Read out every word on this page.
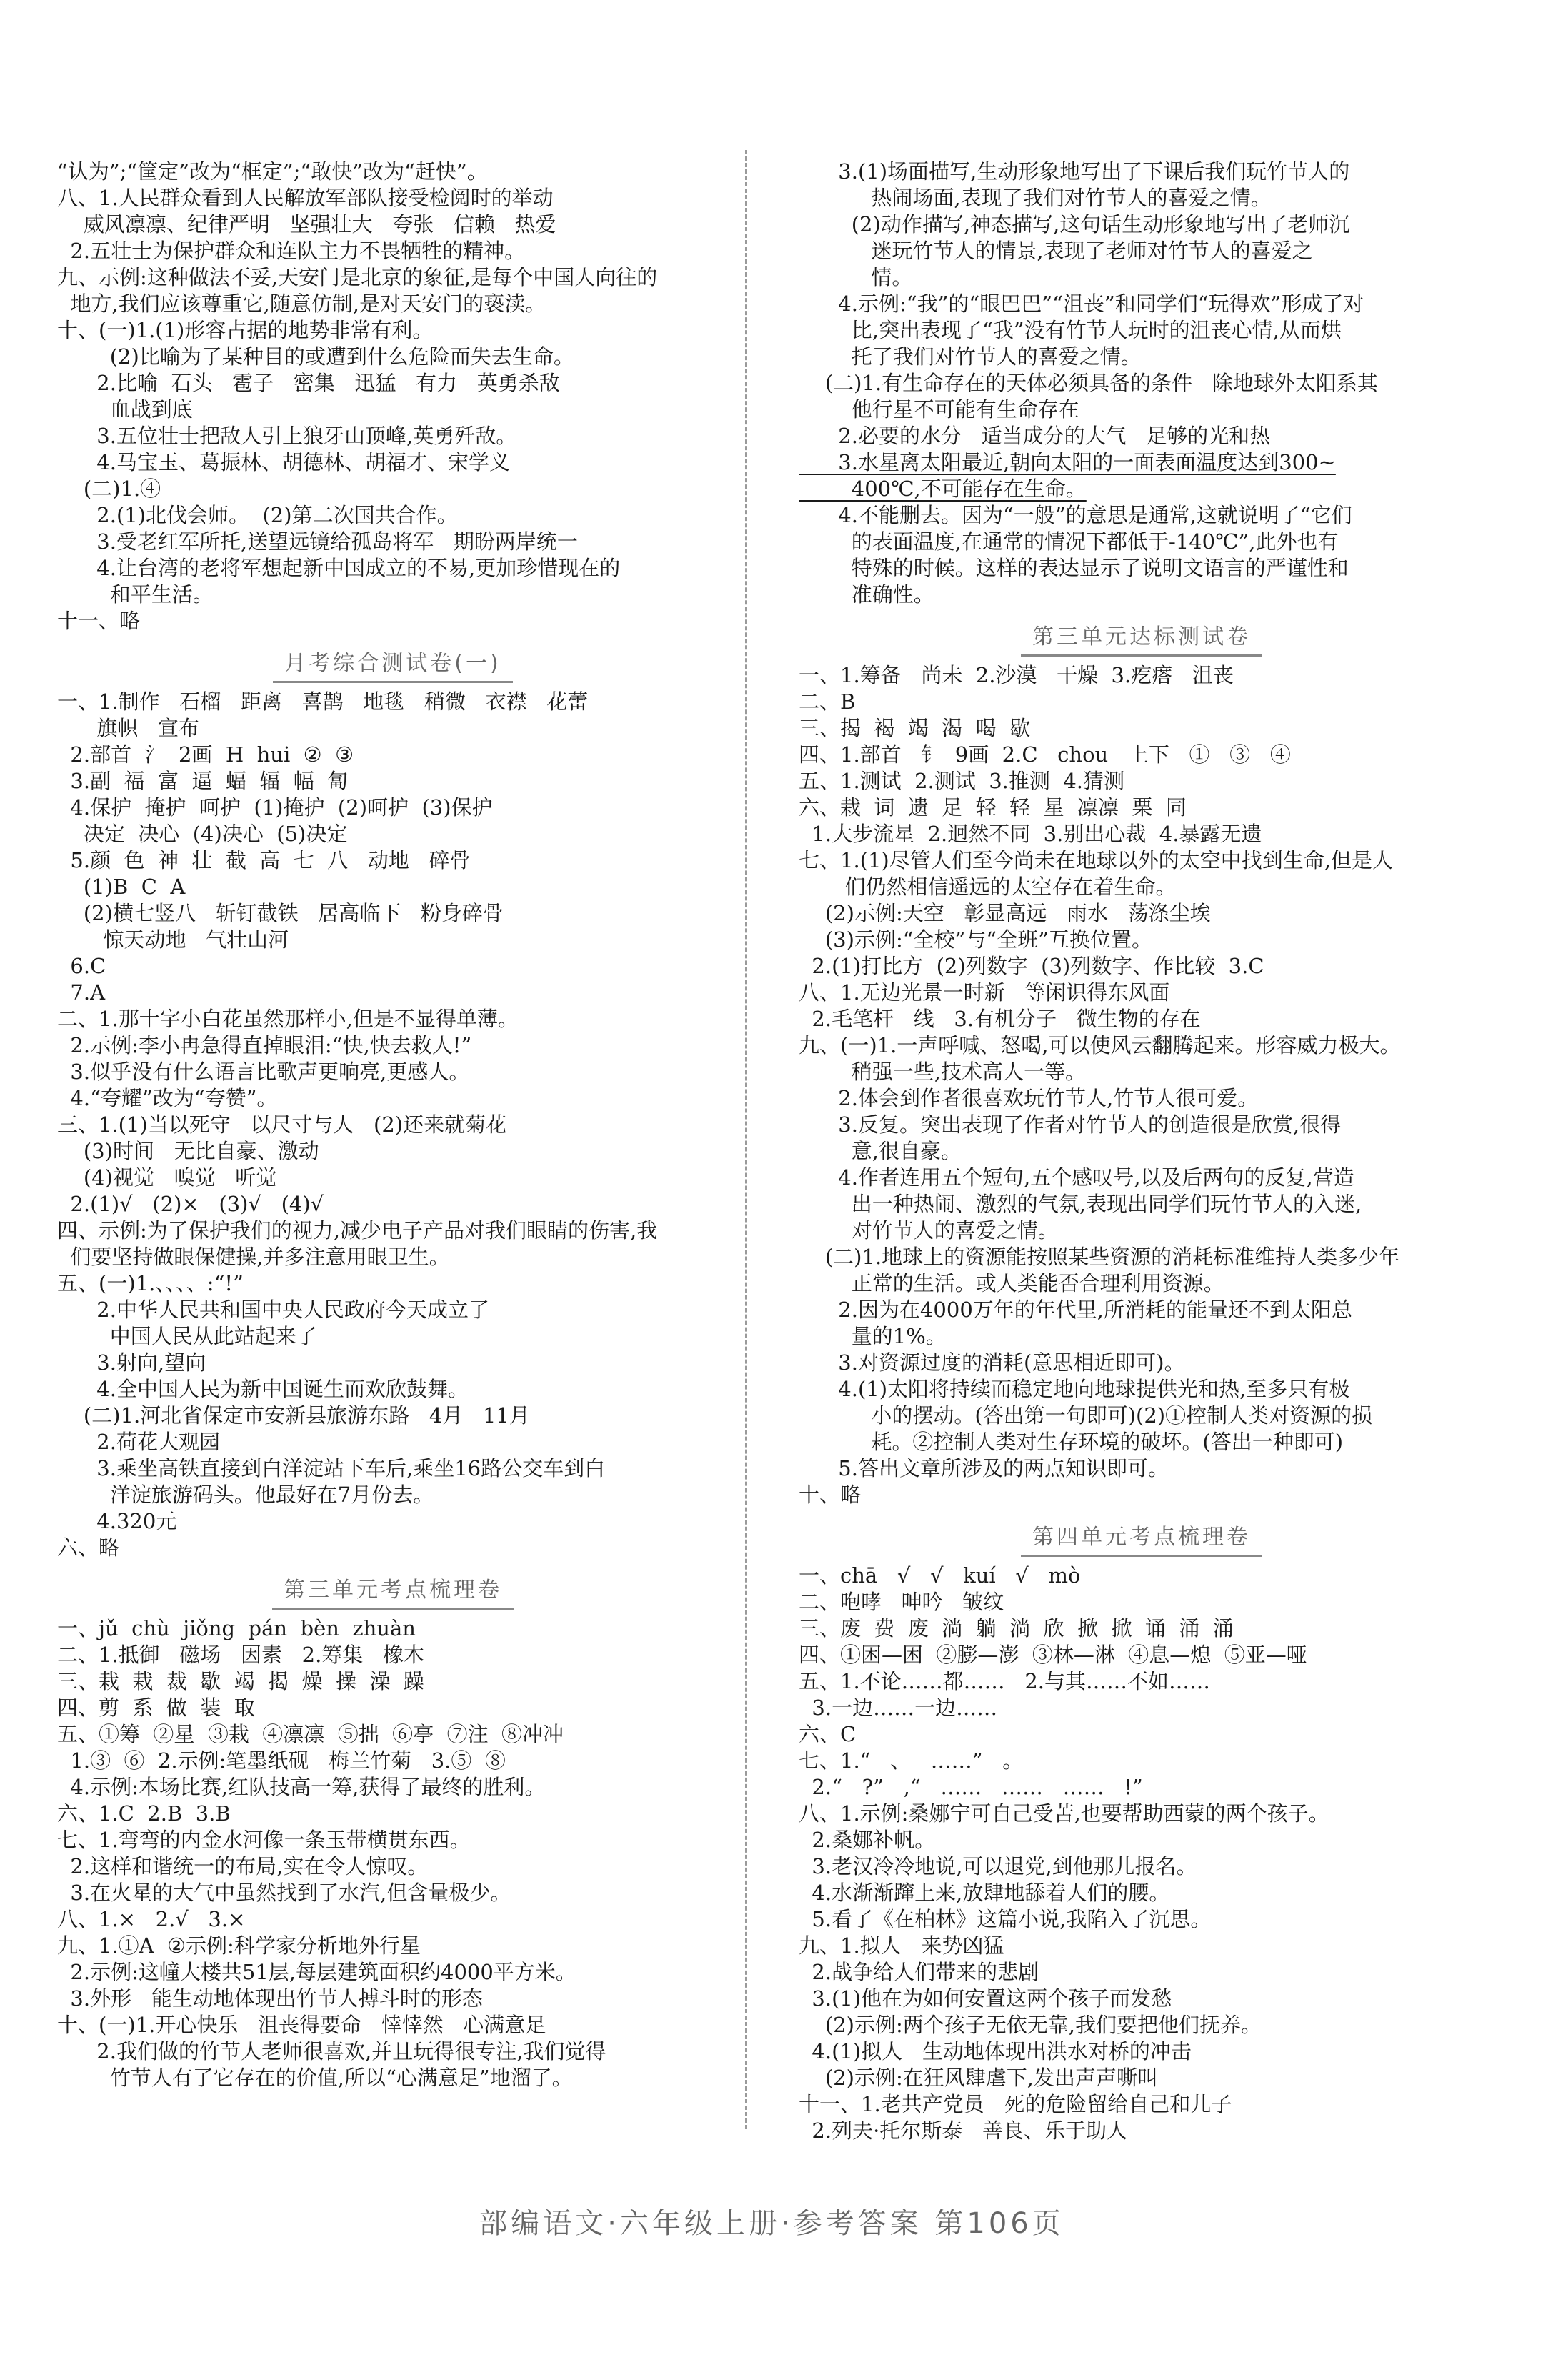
“认为”;“筐定”改为“框定”;“敢快”改为“赶快”。
八、1.人民群众看到人民解放军部队接受检阅时的举动
威风凛凛、纪律严明   坚强壮大   夸张   信赖   热爱
2.五壮士为保护群众和连队主力不畏牺牲的精神。
九、示例:这种做法不妥,天安门是北京的象征,是每个中国人向往的
地方,我们应该尊重它,随意仿制,是对天安门的亵渎。
十、(一)1.(1)形容占据的地势非常有利。
(2)比喻为了某种目的或遭到什么危险而失去生命。
2.比喻  石头   雹子   密集   迅猛   有力   英勇杀敌
血战到底
3.五位壮士把敌人引上狼牙山顶峰,英勇歼敌。
4.马宝玉、葛振林、胡德林、胡福才、宋学义
(二)1.④
2.(1)北伐会师。  (2)第二次国共合作。
3.受老红军所托,送望远镜给孤岛将军   期盼两岸统一
4.让台湾的老将军想起新中国成立的不易,更加珍惜现在的
和平生活。
十一、略
月考综合测试卷(一)
一、1.制作   石榴   距离   喜鹊   地毯   稍微   衣襟   花蕾
旗帜   宣布
2.部首  氵  2画  H  hui  ②  ③
3.副  福  富  逼  蝠  辐  幅  匐
4.保护  掩护  呵护  (1)掩护  (2)呵护  (3)保护
决定  决心  (4)决心  (5)决定
5.颜  色  神  壮  截  高  七  八   动地   碎骨
(1)B  C  A
(2)横七竖八   斩钉截铁   居高临下   粉身碎骨
惊天动地   气壮山河
6.C
7.A
二、1.那十字小白花虽然那样小,但是不显得单薄。
2.示例:李小冉急得直掉眼泪:“快,快去救人!”
3.似乎没有什么语言比歌声更响亮,更感人。
4.“夸耀”改为“夸赞”。
三、1.(1)当以死守   以尺寸与人   (2)还来就菊花
(3)时间   无比自豪、激动
(4)视觉   嗅觉   听觉
2.(1)√   (2)×   (3)√   (4)√
四、示例:为了保护我们的视力,减少电子产品对我们眼睛的伤害,我
们要坚持做眼保健操,并多注意用眼卫生。
五、(一)1.、、、、:“!”
2.中华人民共和国中央人民政府今天成立了
中国人民从此站起来了
3.射向,望向
4.全中国人民为新中国诞生而欢欣鼓舞。
(二)1.河北省保定市安新县旅游东路   4月   11月
2.荷花大观园
3.乘坐高铁直接到白洋淀站下车后,乘坐16路公交车到白
洋淀旅游码头。他最好在7月份去。
4.320元
六、略
第三单元考点梳理卷
一、jǔ  chù  jiǒng  pán  bèn  zhuàn
二、1.抵御   磁场   因素   2.筹集   橡木
三、栽  栽  裁  歇  竭  揭  燥  操  澡  躁
四、剪  系  做  装  取
五、①筹  ②星  ③栽  ④凛凛  ⑤拙  ⑥亭  ⑦注  ⑧冲冲
1.③  ⑥  2.示例:笔墨纸砚   梅兰竹菊   3.⑤  ⑧
4.示例:本场比赛,红队技高一筹,获得了最终的胜利。
六、1.C  2.B  3.B
七、1.弯弯的内金水河像一条玉带横贯东西。
2.这样和谐统一的布局,实在令人惊叹。
3.在火星的大气中虽然找到了水汽,但含量极少。
八、1.×   2.√   3.×
九、1.①A  ②示例:科学家分析地外行星
2.示例:这幢大楼共51层,每层建筑面积约4000平方米。
3.外形   能生动地体现出竹节人搏斗时的形态
十、(一)1.开心快乐   沮丧得要命   悻悻然   心满意足
2.我们做的竹节人老师很喜欢,并且玩得很专注,我们觉得
竹节人有了它存在的价值,所以“心满意足”地溜了。
3.(1)场面描写,生动形象地写出了下课后我们玩竹节人的
热闹场面,表现了我们对竹节人的喜爱之情。
(2)动作描写,神态描写,这句话生动形象地写出了老师沉
迷玩竹节人的情景,表现了老师对竹节人的喜爱之
情。
4.示例:“我”的“眼巴巴”“沮丧”和同学们“玩得欢”形成了对
比,突出表现了“我”没有竹节人玩时的沮丧心情,从而烘
托了我们对竹节人的喜爱之情。
(二)1.有生命存在的天体必须具备的条件   除地球外太阳系其
他行星不可能有生命存在
2.必要的水分   适当成分的大气   足够的光和热
3.水星离太阳最近,朝向太阳的一面表面温度达到300~
400℃,不可能存在生命。
4.不能删去。因为“一般”的意思是通常,这就说明了“它们
的表面温度,在通常的情况下都低于-140℃”,此外也有
特殊的时候。这样的表达显示了说明文语言的严谨性和
准确性。
第三单元达标测试卷
一、1.筹备   尚未  2.沙漠   干燥  3.疙瘩   沮丧
二、B
三、揭  褐  竭  渴  喝  歇
四、1.部首   钅  9画  2.C   chou   上下   ①   ③   ④
五、1.测试  2.测试  3.推测  4.猜测
六、栽  词  遗  足  轻  轻  星  凛凛  栗  同
1.大步流星  2.迥然不同  3.别出心裁  4.暴露无遗
七、1.(1)尽管人们至今尚未在地球以外的太空中找到生命,但是人
们仍然相信遥远的太空存在着生命。
(2)示例:天空   彰显高远   雨水   荡涤尘埃
(3)示例:“全校”与“全班”互换位置。
2.(1)打比方  (2)列数字  (3)列数字、作比较  3.C
八、1.无边光景一时新   等闲识得东风面
2.毛笔杆   线   3.有机分子   微生物的存在
九、(一)1.一声呼喊、怒喝,可以使风云翻腾起来。形容威力极大。
稍强一些,技术高人一等。
2.体会到作者很喜欢玩竹节人,竹节人很可爱。
3.反复。突出表现了作者对竹节人的创造很是欣赏,很得
意,很自豪。
4.作者连用五个短句,五个感叹号,以及后两句的反复,营造
出一种热闹、激烈的气氛,表现出同学们玩竹节人的入迷,
对竹节人的喜爱之情。
(二)1.地球上的资源能按照某些资源的消耗标准维持人类多少年
正常的生活。或人类能否合理利用资源。
2.因为在4000万年的年代里,所消耗的能量还不到太阳总
量的1%。
3.对资源过度的消耗(意思相近即可)。
4.(1)太阳将持续而稳定地向地球提供光和热,至多只有极
小的摆动。(答出第一句即可)(2)①控制人类对资源的损
耗。②控制人类对生存环境的破坏。(答出一种即可)
5.答出文章所涉及的两点知识即可。
十、略
第四单元考点梳理卷
一、chā   √   √   kuí   √   mò
二、咆哮   呻吟   皱纹
三、废  费  废  淌  躺  淌  欣  掀  掀  诵  涌  涌
四、①困—困  ②膨—澎  ③林—淋  ④息—熄  ⑤亚—哑
五、1.不论……都……   2.与其……不如……
3.一边……一边……
六、C
七、1.“   、   ……”   。
2.“   ?”   ,“   ……   ……   ……   !”
八、1.示例:桑娜宁可自己受苦,也要帮助西蒙的两个孩子。
2.桑娜补帆。
3.老汉冷冷地说,可以退党,到他那儿报名。
4.水渐渐蹿上来,放肆地舔着人们的腰。
5.看了《在柏林》这篇小说,我陷入了沉思。
九、1.拟人   来势凶猛
2.战争给人们带来的悲剧
3.(1)他在为如何安置这两个孩子而发愁
(2)示例:两个孩子无依无靠,我们要把他们抚养。
4.(1)拟人   生动地体现出洪水对桥的冲击
(2)示例:在狂风肆虐下,发出声声嘶叫
十一、1.老共产党员   死的危险留给自己和儿子
2.列夫·托尔斯泰   善良、乐于助人
部编语文·六年级上册·参考答案 第106页
